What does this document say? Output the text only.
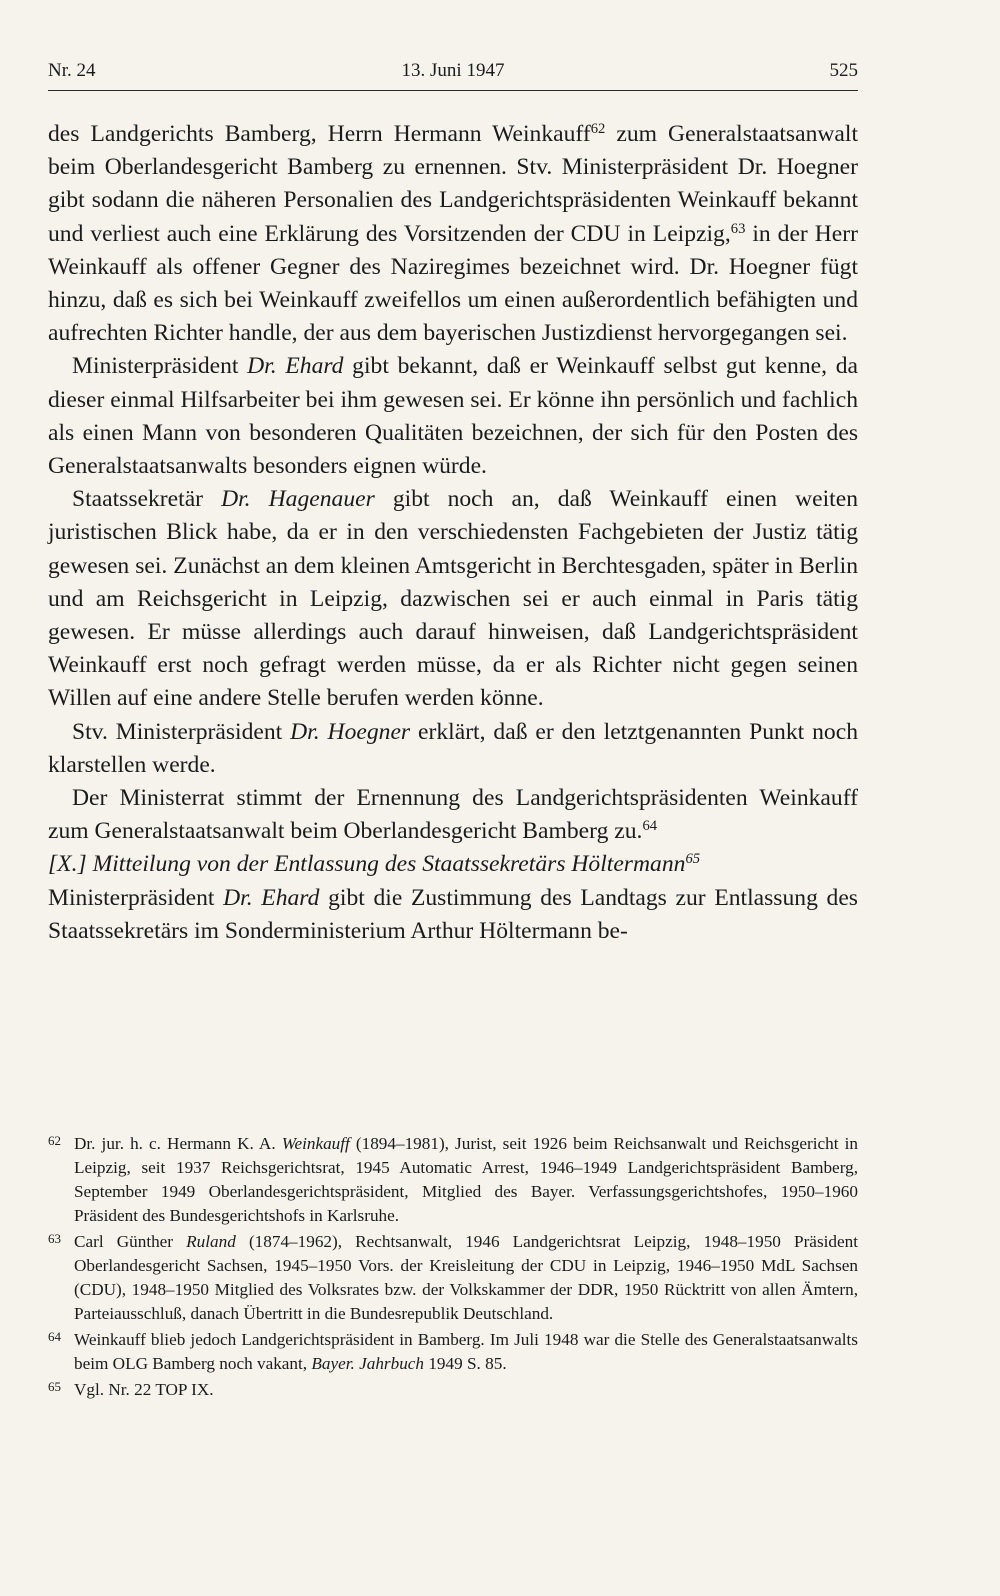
Nr. 24	13. Juni 1947	525

des Landgerichts Bamberg, Herrn Hermann Weinkauff$^{62}$ zum Generalstaatsanwalt beim Oberlandesgericht Bamberg zu ernennen. Stv. Ministerpräsident Dr. Hoegner gibt sodann die näheren Personalien des Landgerichtspräsidenten Weinkauff bekannt und verliest auch eine Erklärung des Vorsitzenden der CDU in Leipzig,$^{63}$ in der Herr Weinkauff als offener Gegner des Naziregimes bezeichnet wird. Dr. Hoegner fügt hinzu, daß es sich bei Weinkauff zweifellos um einen außerordentlich befähigten und aufrechten Richter handle, der aus dem bayerischen Justizdienst hervorgegangen sei.

Ministerpräsident Dr. Ehard gibt bekannt, daß er Weinkauff selbst gut kenne, da dieser einmal Hilfsarbeiter bei ihm gewesen sei. Er könne ihn persönlich und fachlich als einen Mann von besonderen Qualitäten bezeichnen, der sich für den Posten des Generalstaatsanwalts besonders eignen würde.

Staatssekretär Dr. Hagenauer gibt noch an, daß Weinkauff einen weiten juristischen Blick habe, da er in den verschiedensten Fachgebieten der Justiz tätig gewesen sei. Zunächst an dem kleinen Amtsgericht in Berchtesgaden, später in Berlin und am Reichsgericht in Leipzig, dazwischen sei er auch einmal in Paris tätig gewesen. Er müsse allerdings auch darauf hinweisen, daß Landgerichtspräsident Weinkauff erst noch gefragt werden müsse, da er als Richter nicht gegen seinen Willen auf eine andere Stelle berufen werden könne.

Stv. Ministerpräsident Dr. Hoegner erklärt, daß er den letztgenannten Punkt noch klarstellen werde.

Der Ministerrat stimmt der Ernennung des Landgerichtspräsidenten Weinkauff zum Generalstaatsanwalt beim Oberlandesgericht Bamberg zu.$^{64}$

[X.] Mitteilung von der Entlassung des Staatssekretärs Höltermann$^{65}$

Ministerpräsident Dr. Ehard gibt die Zustimmung des Landtags zur Entlassung des Staatssekretärs im Sonderministerium Arthur Höltermann be-

62 Dr. jur. h. c. Hermann K. A. Weinkauff (1894–1981), Jurist, seit 1926 beim Reichsanwalt und Reichsgericht in Leipzig, seit 1937 Reichsgerichtsrat, 1945 Automatic Arrest, 1946–1949 Landgerichtspräsident Bamberg, September 1949 Oberlandesgerichtspräsident, Mitglied des Bayer. Verfassungsgerichtshofes, 1950–1960 Präsident des Bundesgerichtshofs in Karlsruhe.
63 Carl Günther Ruland (1874–1962), Rechtsanwalt, 1946 Landgerichtsrat Leipzig, 1948–1950 Präsident Oberlandesgericht Sachsen, 1945–1950 Vors. der Kreisleitung der CDU in Leipzig, 1946–1950 MdL Sachsen (CDU), 1948–1950 Mitglied des Volksrates bzw. der Volkskammer der DDR, 1950 Rücktritt von allen Ämtern, Parteiausschluß, danach Übertritt in die Bundesrepublik Deutschland.
64 Weinkauff blieb jedoch Landgerichtspräsident in Bamberg. Im Juli 1948 war die Stelle des Generalstaatsanwalts beim OLG Bamberg noch vakant, Bayer. Jahrbuch 1949 S. 85.
65 Vgl. Nr. 22 TOP IX.
